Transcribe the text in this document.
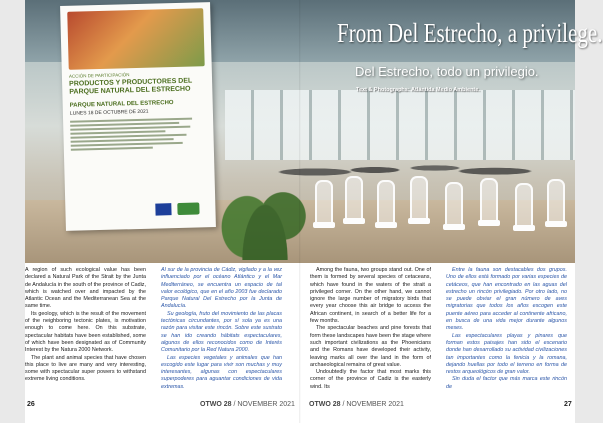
ACCIÓN DE PARTICIPACIÓN
PRODUCTOS Y PRODUCTORES DEL PARQUE NATURAL DEL ESTRECHO
PARQUE NATURAL DEL ESTRECHO
LUNES 18 DE OCTUBRE DE 2021
From Del Estrecho, a privilege.
Del Estrecho, todo un privilegio.
Text & Photographs: Atlántida Medio Ambiente.

A region of such ecological value has been declared a Natural Park of the Strait by the Junta de Andalucía in the south of the province of Cadiz, which is watched over and impacted by the Atlantic Ocean and the Mediterranean Sea at the same time.

Its geology, which is the result of the movement of the neighboring tectonic plates, is motivation enough to come here. On this substrate, spectacular habitats have been established, some of which have been designated as of Community Interest by the Natura 2000 Network.

The plant and animal species that have chosen this place to live are many and very interesting, some with spectacular super powers to withstand extreme living conditions.

Al sur de la provincia de Cádiz, vigilado y a la vez influenciado por el océano Atlántico y el Mar Mediterráneo, se encuentra un espacio de tal valor ecológico, que en el año 2003 fue declarado Parque Natural Del Estrecho por la Junta de Andalucía.

Su geología, fruto del movimiento de las placas tectónicas circundantes, por sí sola ya es una razón para visitar este rincón. Sobre este sustrato se han ido creando hábitats espectaculares, algunos de ellos reconocidos como de Interés Comunitario por la Red Natura 2000.

Las especies vegetales y animales que han escogido este lugar para vivir son muchas y muy interesantes, algunas con espectaculares superpoderes para aguantar condiciones de vida extremas.

Among the fauna, two groups stand out. One of them is formed by several species of cetaceans, which have found in the waters of the strait a privileged corner. On the other hand, we cannot ignore the large number of migratory birds that every year choose this air bridge to access the African continent, in search of a better life for a few months.

The spectacular beaches and pine forests that form these landscapes have been the stage where such important civilizations as the Phoenicians and the Romans have developed their activity, leaving marks all over the land in the form of archaeological remains of great value.

Undoubtedly the factor that most marks this corner of the province of Cadiz is the easterly wind. Its

Entre la fauna son destacables dos grupos. Uno de ellos está formado por varias especies de cetáceos, que han encontrado en las aguas del estrecho un rincón privilegiado. Por otro lado, no se puede obviar el gran número de aves migratorias que todos los años escogen este puente aéreo para acceder al continente africano, en busca de una vida mejor durante algunos meses.

Las espectaculares playas y pinares que forman estos paisajes han sido el escenario donde han desarrollado su actividad civilizaciones tan importantes como la fenicia y la romana, dejando huellas por todo el terreno en forma de restos arqueológicos de gran valor.

Sin duda el factor que más marca este rincón de

26	OTWO 28 / NOVEMBER 2021 OTWO 28 / NOVEMBER 2021	27
